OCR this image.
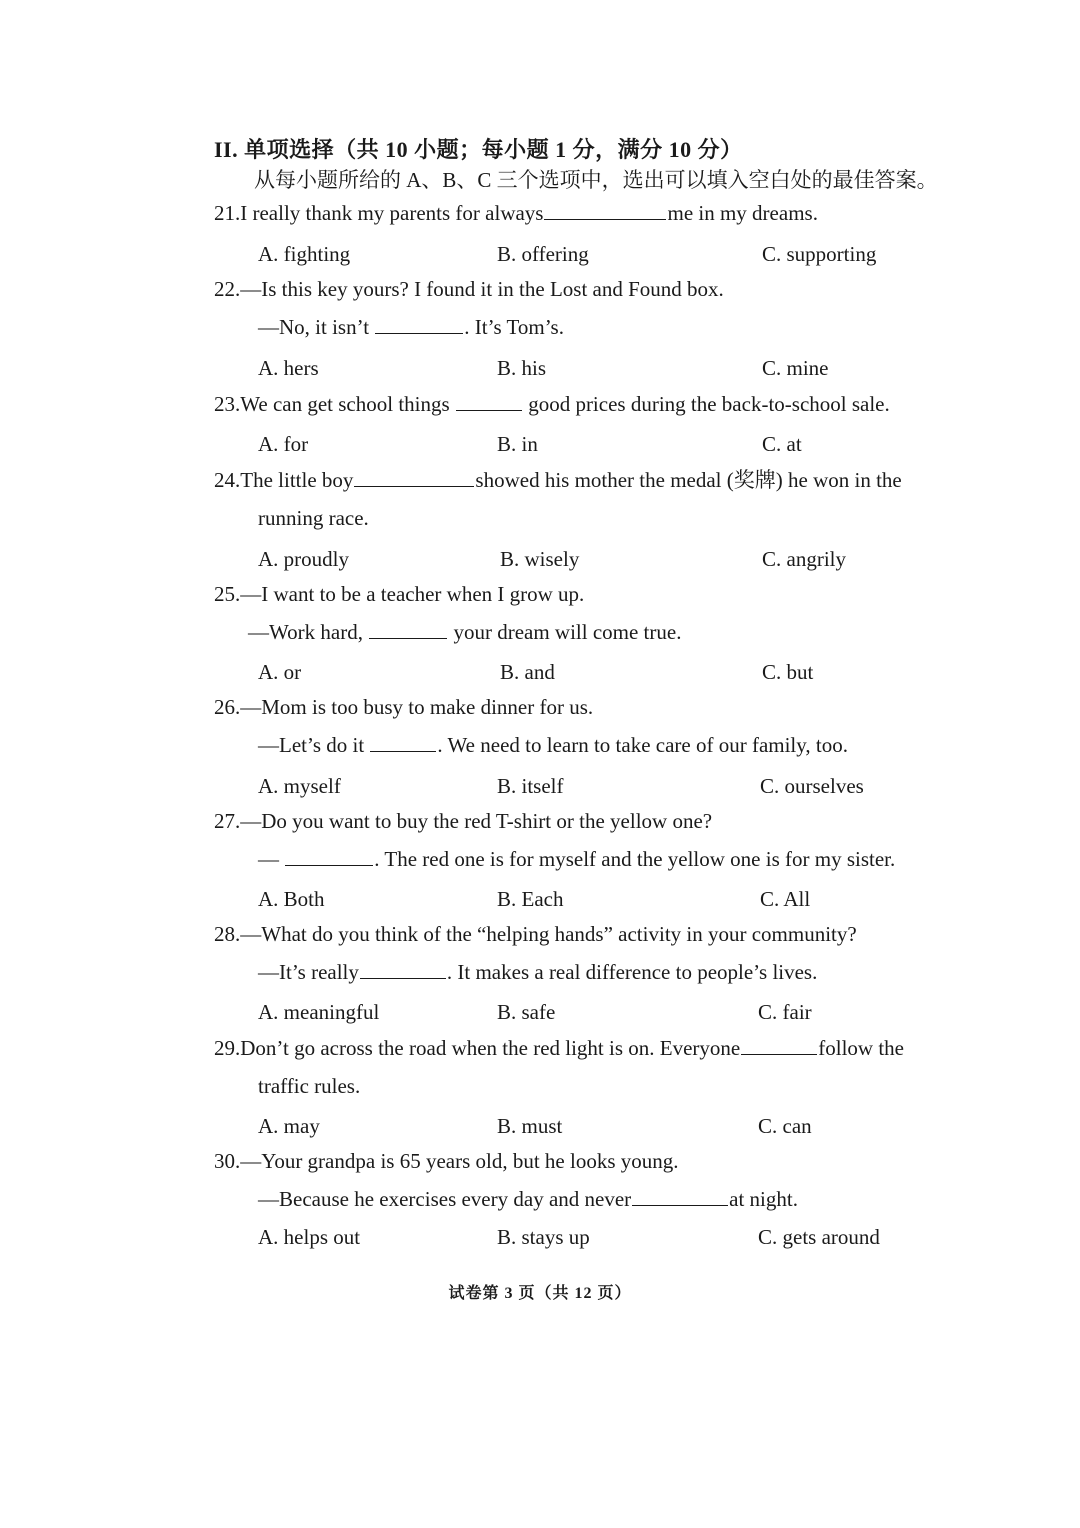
II. 单项选择（共 10 小题；每小题 1 分，满分 10 分）
从每小题所给的 A、B、C 三个选项中，选出可以填入空白处的最佳答案。
21.I really thank my parents for always	me in my dreams.
A. fighting	B. offering	C. supporting
22.—Is this key yours? I found it in the Lost and Found box.
—No, it isn’t	. It’s Tom’s.
A. hers	B. his	C. mine
23.We can get school things	good prices during the back-to-school sale.
A. for	B. in	C. at
24.The little boy	showed his mother the medal (奖牌) he won in the
running race.
A. proudly	B. wisely	C. angrily
25.—I want to be a teacher when I grow up.
—Work hard,	your dream will come true.
A. or	B. and	C. but
26.—Mom is too busy to make dinner for us.
—Let’s do it	. We need to learn to take care of our family, too.
A. myself	B. itself	C. ourselves
27.—Do you want to buy the red T-shirt or the yellow one?
—	. The red one is for myself and the yellow one is for my sister.
A. Both	B. Each	C. All
28.—What do you think of the “helping hands” activity in your community?
—It’s really	. It makes a real difference to people’s lives.
A. meaningful	B. safe	C. fair
29.Don’t go across the road when the red light is on. Everyone	follow the
traffic rules.
A. may	B. must	C. can
30.—Your grandpa is 65 years old, but he looks young.
—Because he exercises every day and never	at night.
A. helps out	B. stays up	C. gets around
试卷第 3 页（共 12 页）
